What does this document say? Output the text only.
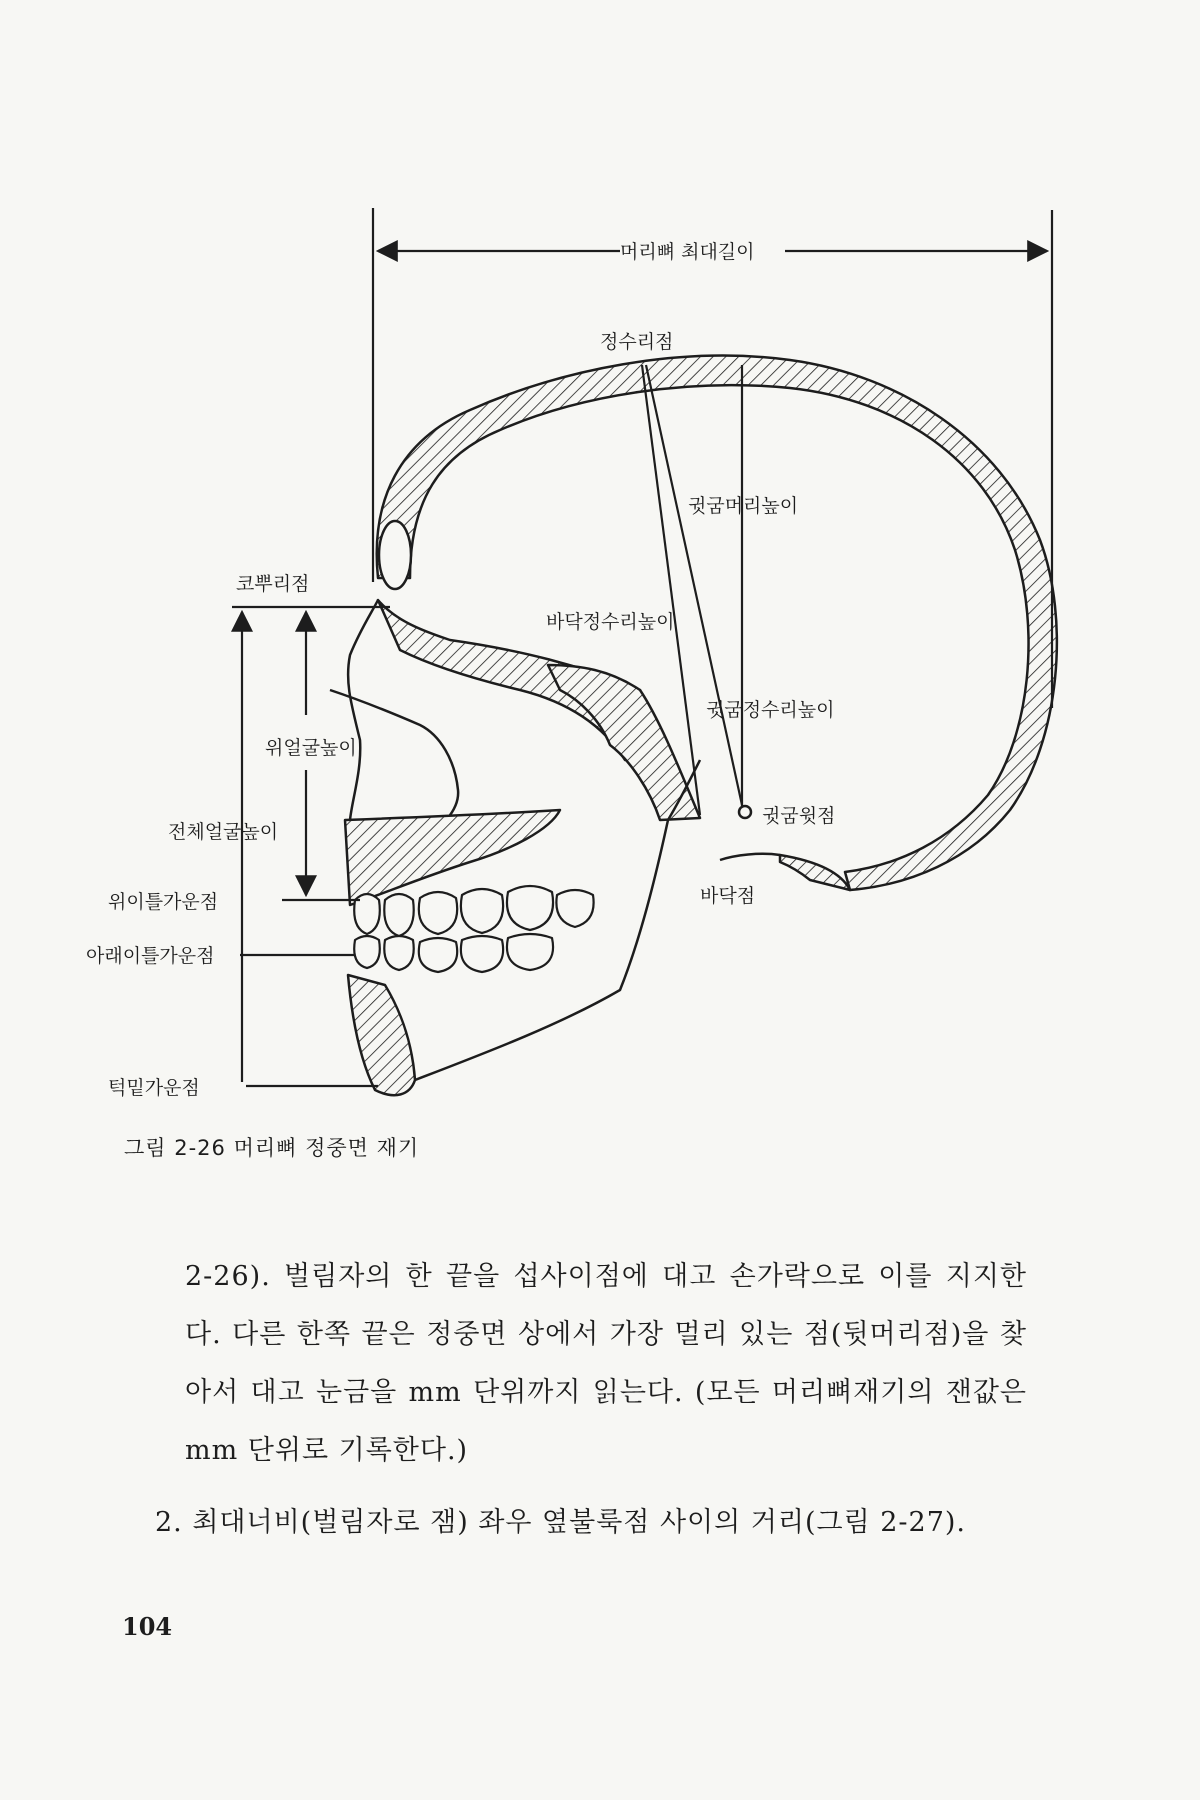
머리뼈 최대길이
정수리점
귓굼머리높이
코뿌리점
바닥정수리높이
귓굼정수리높이
위얼굴높이
귓굼윗점
전체얼굴높이
바닥점
위이틀가운점
아래이틀가운점
턱밑가운점
그림 2-26 머리뼈 정중면 재기
2-26). 벌림자의 한 끝을 섭사이점에 대고 손가락으로 이를 지지한다. 다른 한쪽 끝은 정중면 상에서 가장 멀리 있는 점(뒷머리점)을 찾아서 대고 눈금을 mm 단위까지 읽는다. (모든 머리뼈재기의 잰값은 mm 단위로 기록한다.)
2. 최대너비(벌림자로 잼) 좌우 옆불룩점 사이의 거리(그림 2-27).
104
